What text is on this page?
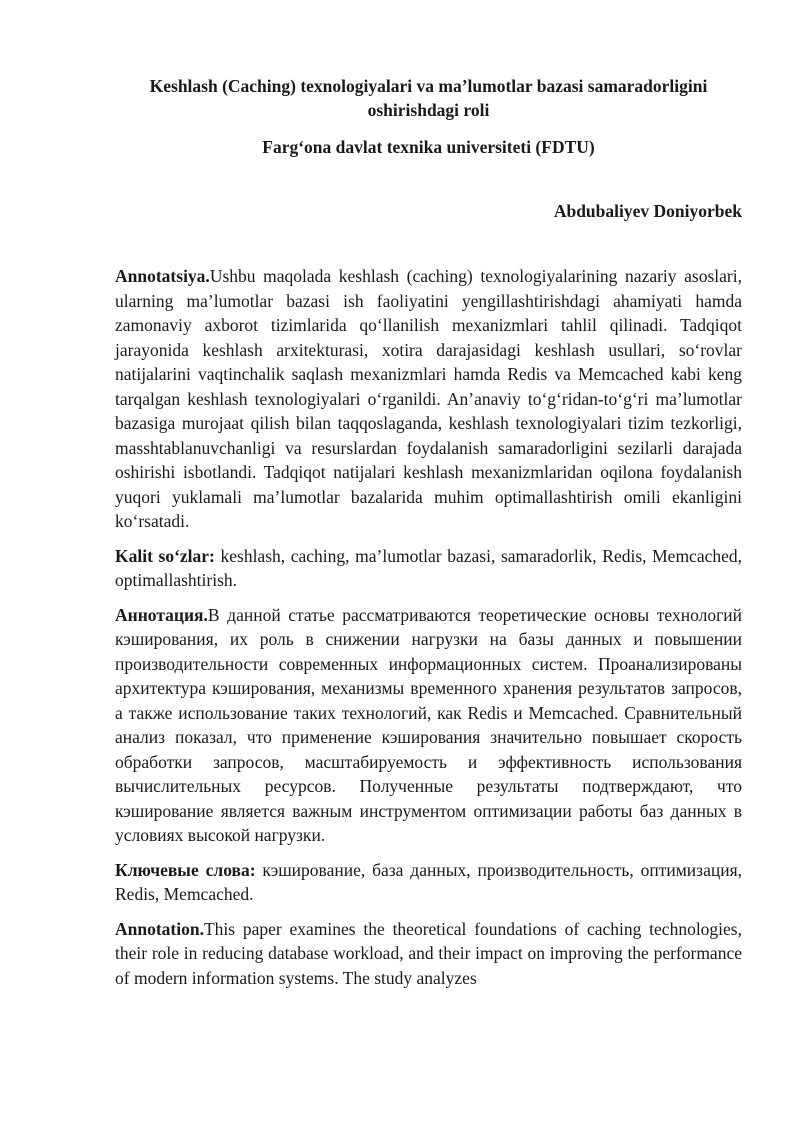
Keshlash (Caching) texnologiyalari va ma’lumotlar bazasi samaradorligini
oshirishdagi roli

Farg‘ona davlat texnika universiteti (FDTU)

Abdubaliyev Doniyorbek

Annotatsiya.Ushbu maqolada keshlash (caching) texnologiyalarining nazariy asoslari, ularning ma’lumotlar bazasi ish faoliyatini yengillashtirishdagi ahamiyati hamda zamonaviy axborot tizimlarida qo‘llanilish mexanizmlari tahlil qilinadi. Tadqiqot jarayonida keshlash arxitekturasi, xotira darajasidagi keshlash usullari, so‘rovlar natijalarini vaqtinchalik saqlash mexanizmlari hamda Redis va Memcached kabi keng tarqalgan keshlash texnologiyalari o‘rganildi. An’anaviy to‘g‘ridan-to‘g‘ri ma’lumotlar bazasiga murojaat qilish bilan taqqoslaganda, keshlash texnologiyalari tizim tezkorligi, masshtablanuvchanligi va resurslardan foydalanish samaradorligini sezilarli darajada oshirishi isbotlandi. Tadqiqot natijalari keshlash mexanizmlaridan oqilona foydalanish yuqori yuklamali ma’lumotlar bazalarida muhim optimallashtirish omili ekanligini ko‘rsatadi.

Kalit so‘zlar: keshlash, caching, ma’lumotlar bazasi, samaradorlik, Redis, Memcached, optimallashtirish.

Аннотация.В данной статье рассматриваются теоретические основы технологий кэширования, их роль в снижении нагрузки на базы данных и повышении производительности современных информационных систем. Проанализированы архитектура кэширования, механизмы временного хранения результатов запросов, а также использование таких технологий, как Redis и Memcached. Сравнительный анализ показал, что применение кэширования значительно повышает скорость обработки запросов, масштабируемость и эффективность использования вычислительных ресурсов. Полученные результаты подтверждают, что кэширование является важным инструментом оптимизации работы баз данных в условиях высокой нагрузки.

Ключевые слова: кэширование, база данных, производительность, оптимизация, Redis, Memcached.

Annotation.This paper examines the theoretical foundations of caching technologies, their role in reducing database workload, and their impact on improving the performance of modern information systems. The study analyzes
